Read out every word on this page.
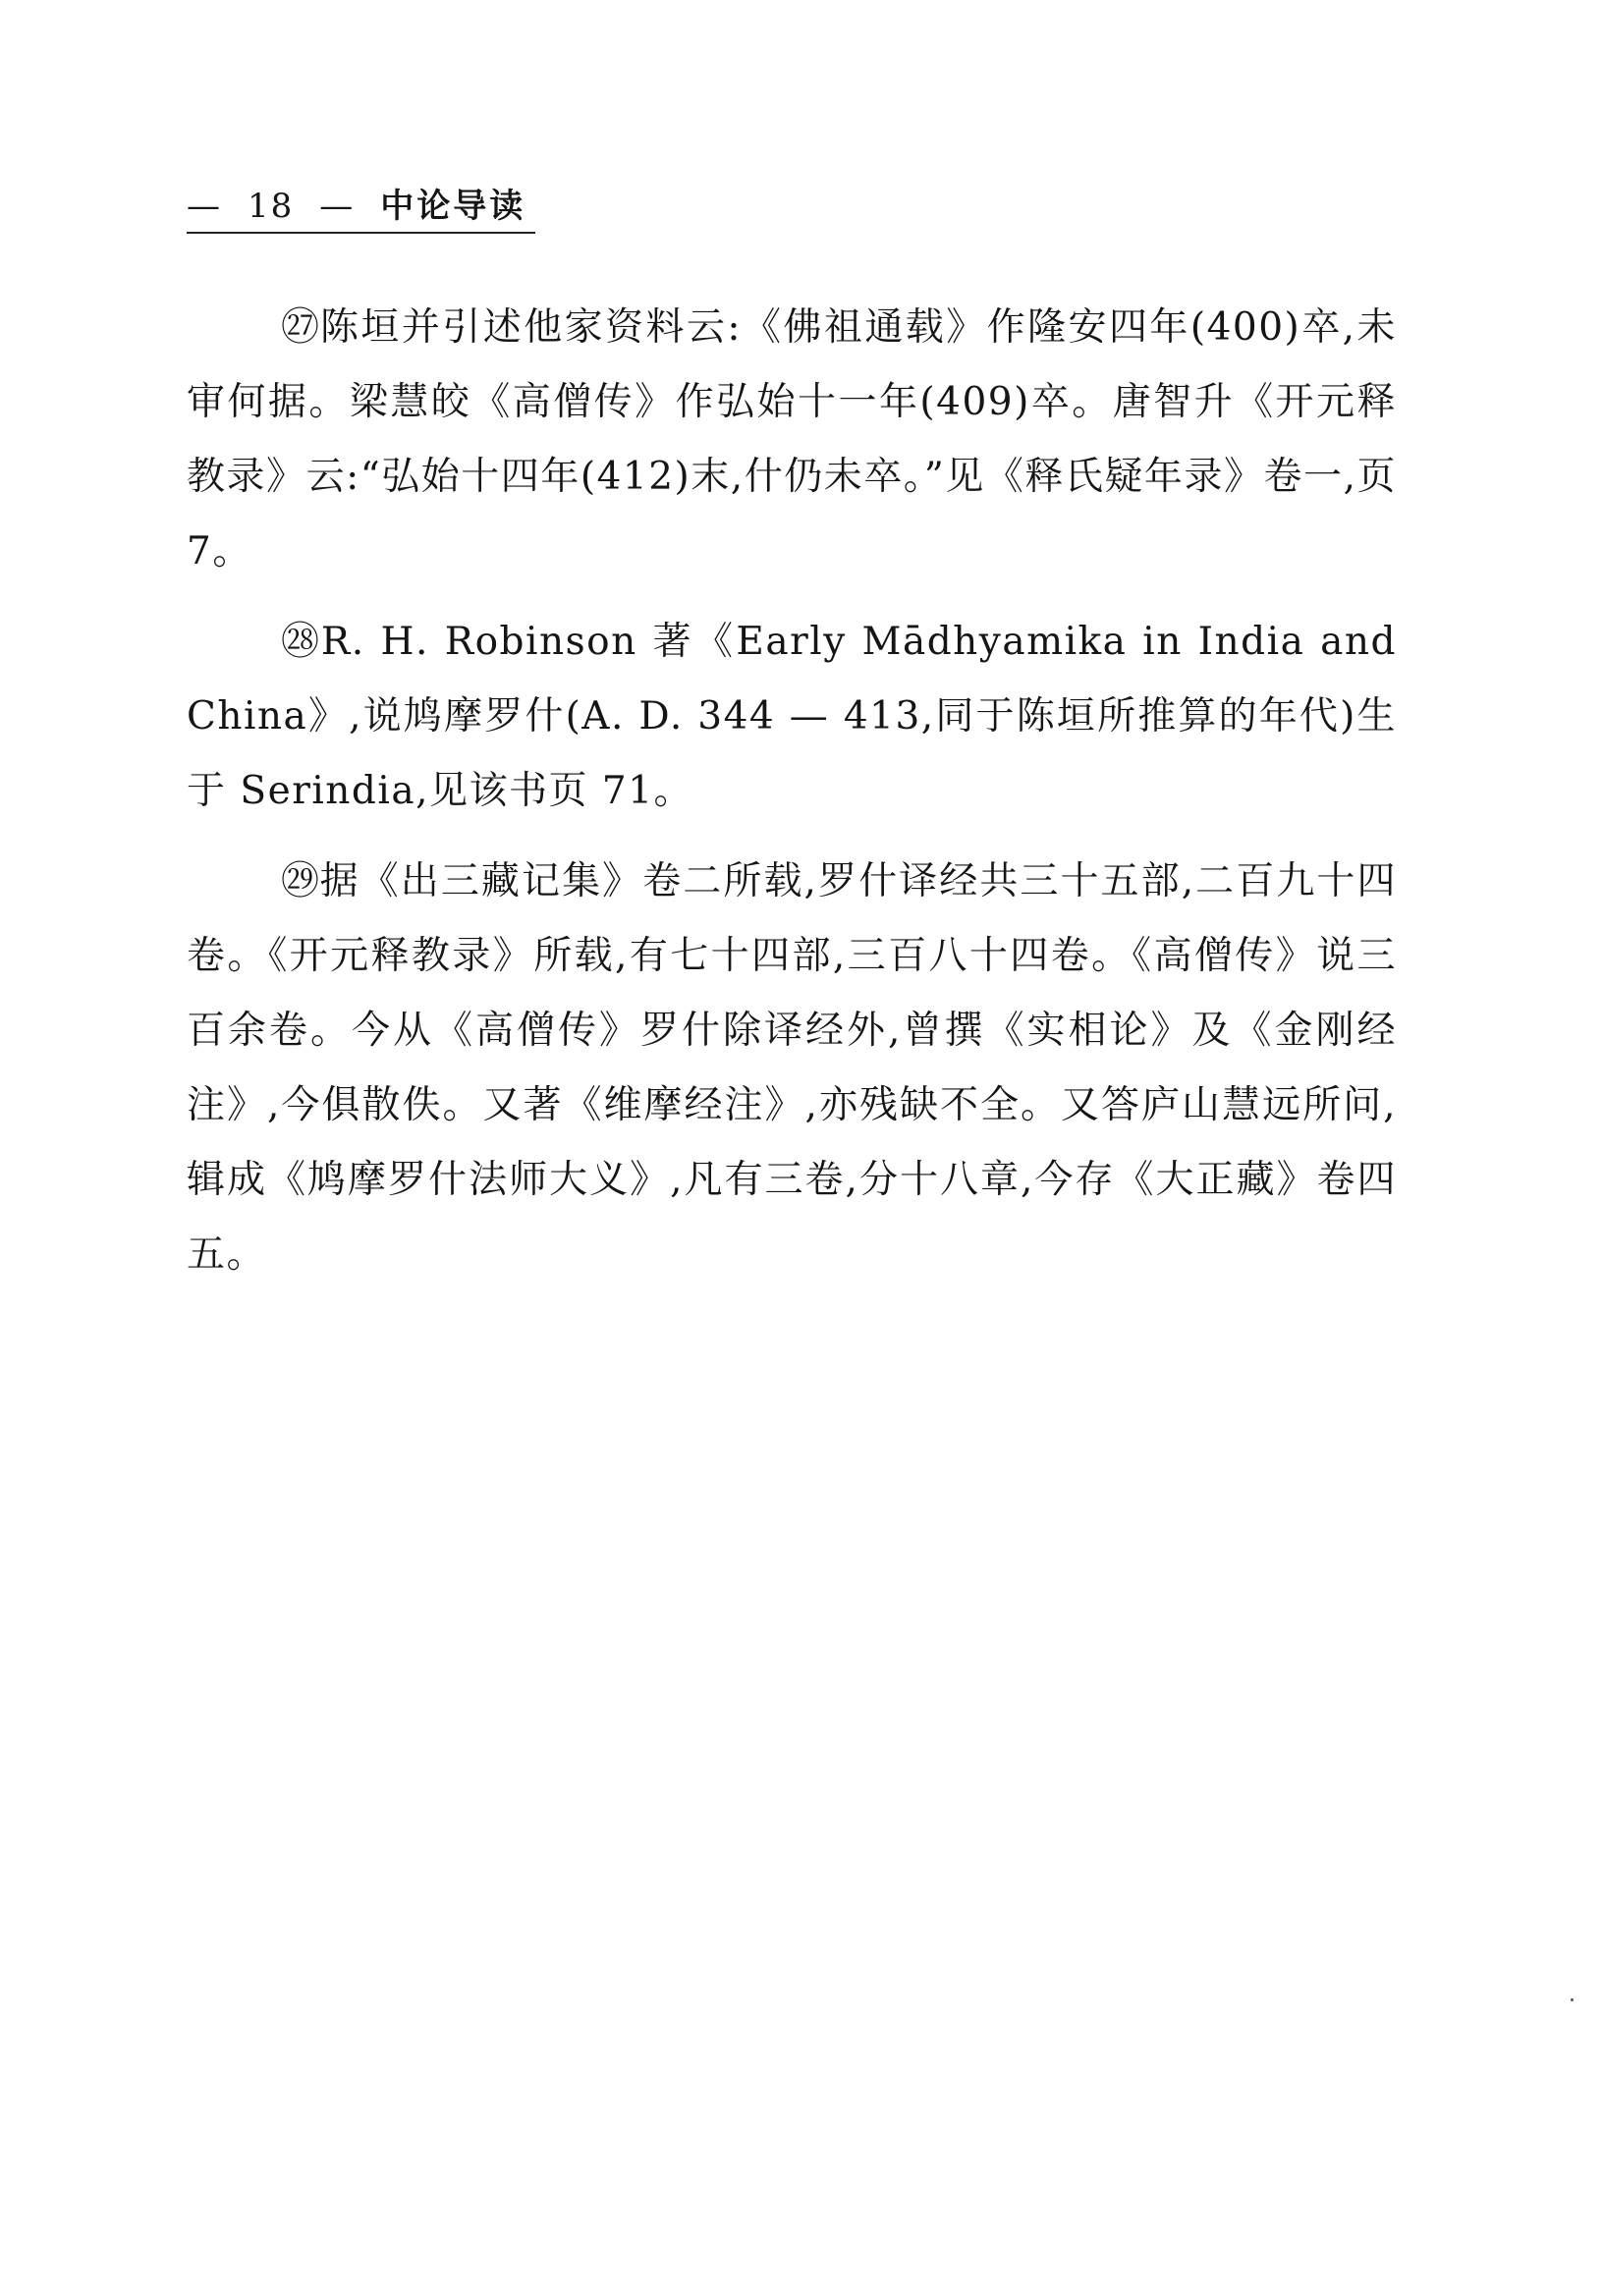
— 18 — 中论导读

㉗陈垣并引述他家资料云:《佛祖通载》作隆安四年(400)卒,未审何据。梁慧皎《高僧传》作弘始十一年(409)卒。唐智升《开元释教录》云:“弘始十四年(412)末,什仍未卒。”见《释氏疑年录》卷一,页 7。

㉘R. H. Robinson 著《Early Mādhyamika in India and China》,说鸠摩罗什(A. D. 344 — 413,同于陈垣所推算的年代)生于 Serindia,见该书页 71。

㉙据《出三藏记集》卷二所载,罗什译经共三十五部,二百九十四卷。《开元释教录》所载,有七十四部,三百八十四卷。《高僧传》说三百余卷。今从《高僧传》罗什除译经外,曾撰《实相论》及《金刚经注》,今俱散佚。又著《维摩经注》,亦残缺不全。又答庐山慧远所问,辑成《鸠摩罗什法师大义》,凡有三卷,分十八章,今存《大正藏》卷四五。
